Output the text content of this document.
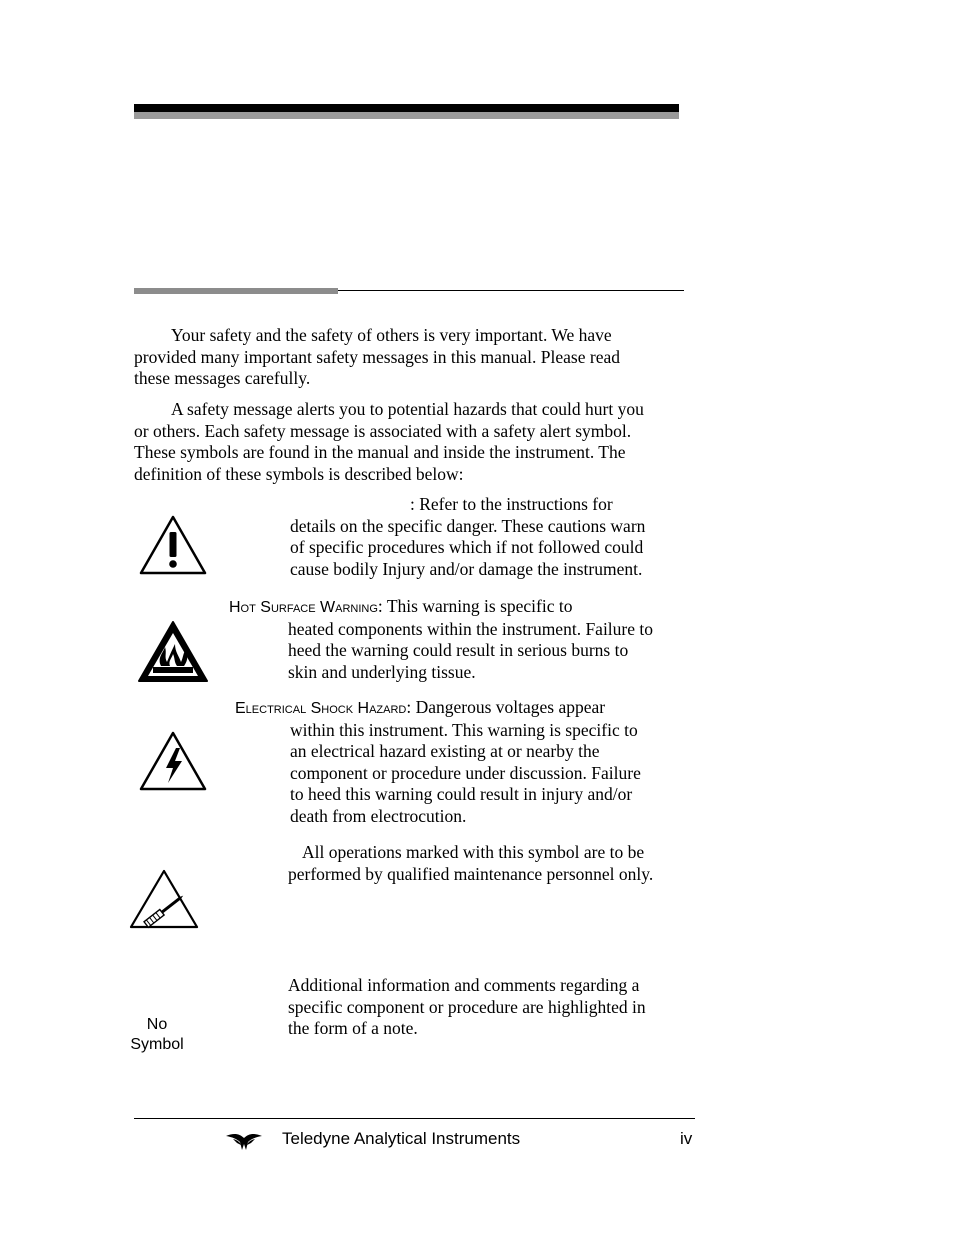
Your safety and the safety of others is very important. We have
provided many important safety messages in this manual. Please read
these messages carefully.

A safety message alerts you to potential hazards that could hurt you
or others. Each safety message is associated with a safety alert symbol.
These symbols are found in the manual and inside the instrument. The
definition of these symbols is described below:

: Refer to the instructions for
details on the specific danger. These cautions warn
of specific procedures which if not followed could
cause bodily Injury and/or damage the instrument.
Hot Surface Warning: This warning is specific to
heated components within the instrument. Failure to
heed the warning could result in serious burns to
skin and underlying tissue.
Electrical Shock Hazard: Dangerous voltages appear
within this instrument. This warning is specific to
an electrical hazard existing at or nearby the
component or procedure under discussion. Failure
to heed this warning could result in injury and/or
death from electrocution.
All operations marked with this symbol are to be
performed by qualified maintenance personnel only.
No
Symbol
Additional information and comments regarding a
specific component or procedure are highlighted in
the form of a note.
Teledyne Analytical Instruments	iv
